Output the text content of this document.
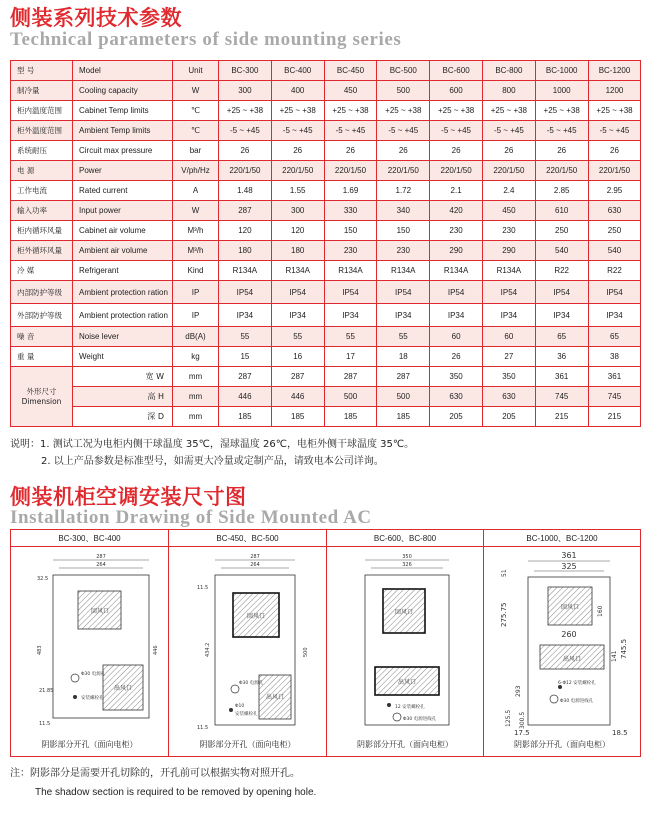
侧装系列技术参数
Technical parameters of side mounting series
型 号	Model	Unit	BC-300	BC-400	BC-450	BC-500	BC-600	BC-800	BC-1000	BC-1200
制冷量	Cooling capacity	W	300	400	450	500	600	800	1000	1200
柜内温度范围	Cabinet Temp limits	℃	+25 ~ +38	+25 ~ +38	+25 ~ +38	+25 ~ +38	+25 ~ +38	+25 ~ +38	+25 ~ +38	+25 ~ +38
柜外温度范围	Ambient Temp limits	℃	-5 ~ +45	-5 ~ +45	-5 ~ +45	-5 ~ +45	-5 ~ +45	-5 ~ +45	-5 ~ +45	-5 ~ +45
系统耐压	Circuit max pressure	bar	26	26	26	26	26	26	26	26
电 源	Power	V/ph/Hz	220/1/50	220/1/50	220/1/50	220/1/50	220/1/50	220/1/50	220/1/50	220/1/50
工作电流	Rated current	A	1.48	1.55	1.69	1.72	2.1	2.4	2.85	2.95
输入功率	Input power	W	287	300	330	340	420	450	610	630
柜内循环风量	Cabinet air volume	M³/h	120	120	150	150	230	230	250	250
柜外循环风量	Ambient air volume	M³/h	180	180	230	230	290	290	540	540
冷 媒	Refrigerant	Kind	R134A	R134A	R134A	R134A	R134A	R134A	R22	R22
内部防护等级	Ambient protection ration	IP	IP54	IP54	IP54	IP54	IP54	IP54	IP54	IP54
外部防护等级	Ambient protection ration	IP	IP34	IP34	IP34	IP34	IP34	IP34	IP34	IP34
噪 音	Noise lever	dB(A)	55	55	55	55	60	60	65	65
重 量	Weight	kg	15	16	17	18	26	27	36	38

外形尺寸
Dimension	宽 W	mm	287	287	287	287	350	350	361	361
	高 H	mm	446	446	500	500	630	630	745	745
	深 D	mm	185	185	185	185	205	205	215	215
说明：1. 测试工况为电柜内侧干球温度 35℃，湿球温度 26℃，电柜外侧干球温度 35℃。
2. 以上产品参数是标准型号，如需更大冷量或定制产品，请致电本公司详询。
侧装机柜空调安装尺寸图
Installation Drawing of Side Mounted AC
BC-300、BC-400
287
264
回风口
出风口
Φ30 电源孔
安装螺栓孔
483	446
32.5
21.85
11.5
阴影部分开孔（面向电柜）
BC-450、BC-500
287
264
回风口
出风口
Φ30 电源孔
Φ10
安装螺栓孔
434.2	500
11.5
11.5
阴影部分开孔（面向电柜）
BC-600、BC-800
350
326
回风口
出风口
12 安装螺栓孔
Φ30 电源进线孔
阴影部分开孔（面向电柜）
BC-1000、BC-1200
361
325
回风口
260
出风口
275.75
745.5
293
300.5
51
160
141
125.5
17.5	18.5
6-Φ12 安装螺栓孔
Φ30 电源进线孔
阴影部分开孔（面向电柜）
注：阴影部分是需要开孔切除的，开孔前可以根据实物对照开孔。
The shadow section is required to be removed by opening hole.
